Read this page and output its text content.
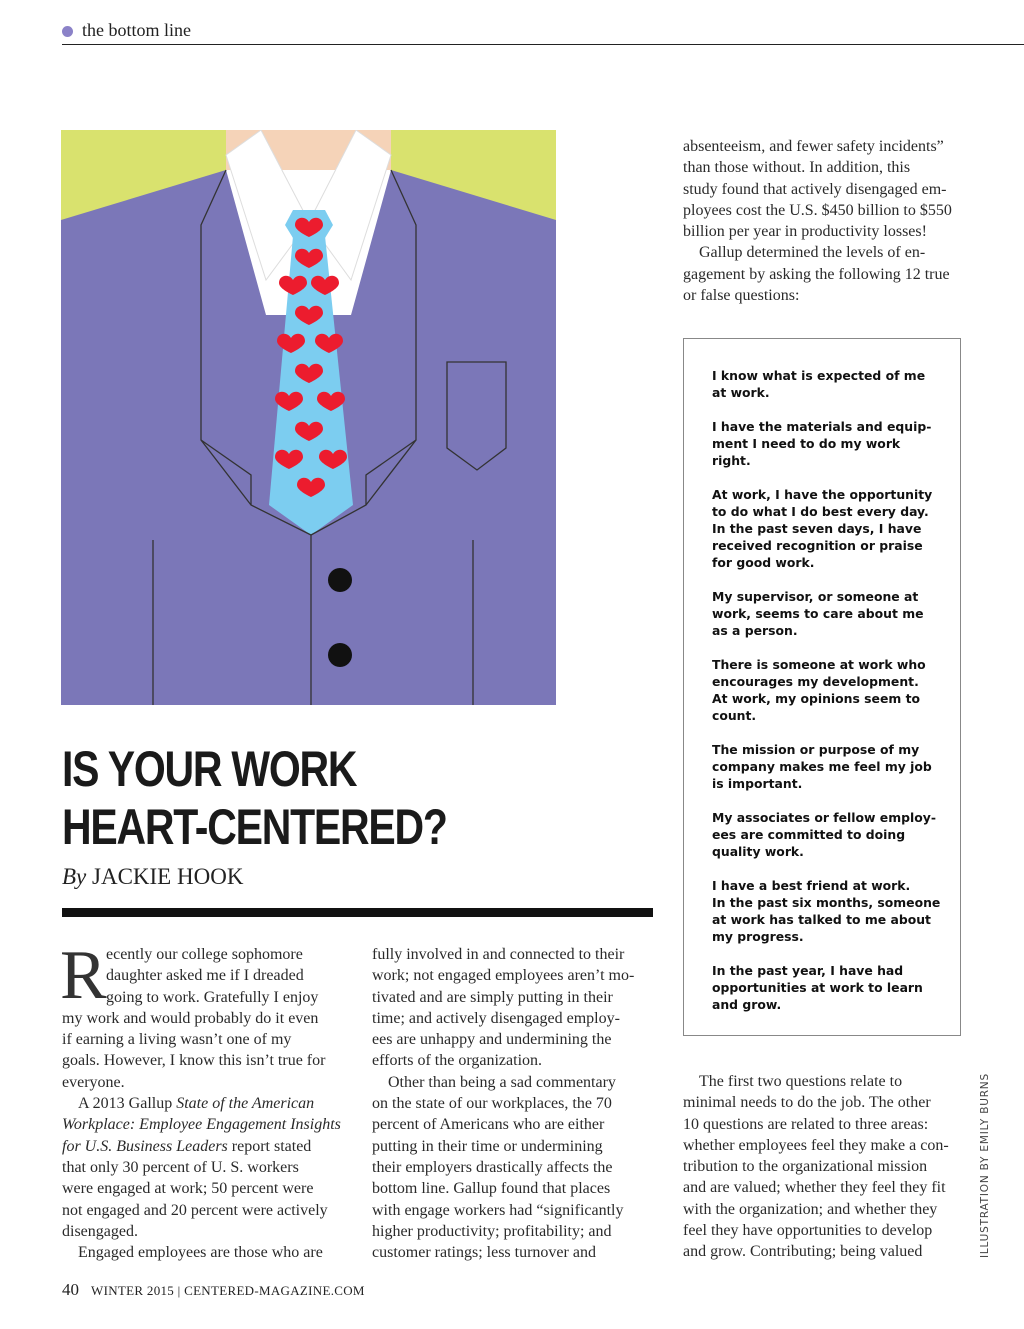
the bottom line
IS YOUR WORK
HEART-CENTERED?
By JACKIE HOOK
R ecently our college sophomore

daughter asked me if I dreaded

going to work. Gratefully I enjoy

my work and would probably do it even

if earning a living wasn’t one of my

goals. However, I know this isn’t true for

everyone.

A 2013 Gallup State of the American

Workplace: Employee Engagement Insights

for U.S. Business Leaders report stated

that only 30 percent of U. S. workers

were engaged at work; 50 percent were

not engaged and 20 percent were actively

disengaged.

Engaged employees are those who are

fully involved in and connected to their

work; not engaged employees aren’t mo-

tivated and are simply putting in their

time; and actively disengaged employ-

ees are unhappy and undermining the

efforts of the organization.

Other than being a sad commentary

on the state of our workplaces, the 70

percent of Americans who are either

putting in their time or undermining

their employers drastically affects the

bottom line. Gallup found that places

with engage workers had “significantly

higher productivity; profitability; and

customer ratings; less turnover and

absenteeism, and fewer safety incidents”

than those without. In addition, this

study found that actively disengaged em-

ployees cost the U.S. $450 billion to $550

billion per year in productivity losses!

Gallup determined the levels of en-

gagement by asking the following 12 true

or false questions:

I know what is expected of me
at work.
I have the materials and equip-
ment I need to do my work
right.
At work, I have the opportunity
to do what I do best every day.
In the past seven days, I have
received recognition or praise
for good work.
My supervisor, or someone at
work, seems to care about me
as a person.
There is someone at work who
encourages my development.
At work, my opinions seem to
count.
The mission or purpose of my
company makes me feel my job
is important.
My associates or fellow employ-
ees are committed to doing
quality work.
I have a best friend at work.
In the past six months, someone
at work has talked to me about
my progress.
In the past year, I have had
opportunities at work to learn
and grow.

The first two questions relate to

minimal needs to do the job. The other

10 questions are related to three areas:

whether employees feel they make a con-

tribution to the organizational mission

and are valued; whether they feel they fit

with the organization; and whether they

feel they have opportunities to develop

and grow. Contributing; being valued	ILLUSTRATION BY EMILY BURNS
40 WINTER 2015 | CENTERED-MAGAZINE.COM
